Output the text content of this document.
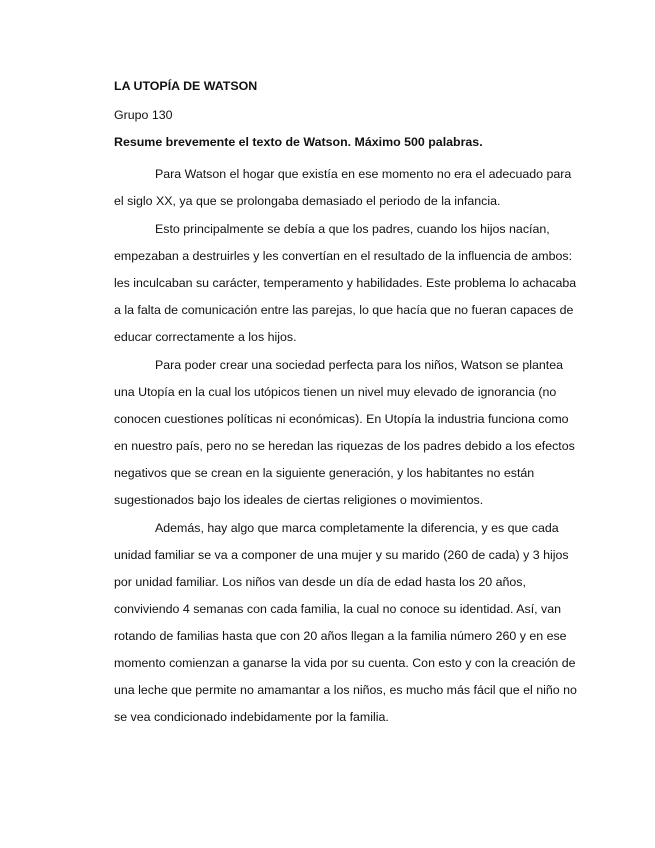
LA UTOPÍA DE WATSON

Grupo 130

Resume brevemente el texto de Watson. Máximo 500 palabras.

Para Watson el hogar que existía en ese momento no era el adecuado para el siglo XX, ya que se prolongaba demasiado el periodo de la infancia.

Esto principalmente se debía a que los padres, cuando los hijos nacían, empezaban a destruirles y les convertían en el resultado de la influencia de ambos: les inculcaban su carácter, temperamento y habilidades. Este problema lo achacaba a la falta de comunicación entre las parejas, lo que hacía que no fueran capaces de educar correctamente a los hijos.

Para poder crear una sociedad perfecta para los niños, Watson se plantea una Utopía en la cual los utópicos tienen un nivel muy elevado de ignorancia (no conocen cuestiones políticas ni económicas). En Utopía la industria funciona como en nuestro país, pero no se heredan las riquezas de los padres debido a los efectos negativos que se crean en la siguiente generación, y los habitantes no están sugestionados bajo los ideales de ciertas religiones o movimientos.

Además, hay algo que marca completamente la diferencia, y es que cada unidad familiar se va a componer de una mujer y su marido (260 de cada) y 3 hijos por unidad familiar. Los niños van desde un día de edad hasta los 20 años, conviviendo 4 semanas con cada familia, la cual no conoce su identidad. Así, van rotando de familias hasta que con 20 años llegan a la familia número 260 y en ese momento comienzan a ganarse la vida por su cuenta. Con esto y con la creación de una leche que permite no amamantar a los niños, es mucho más fácil que el niño no se vea condicionado indebidamente por la familia.
